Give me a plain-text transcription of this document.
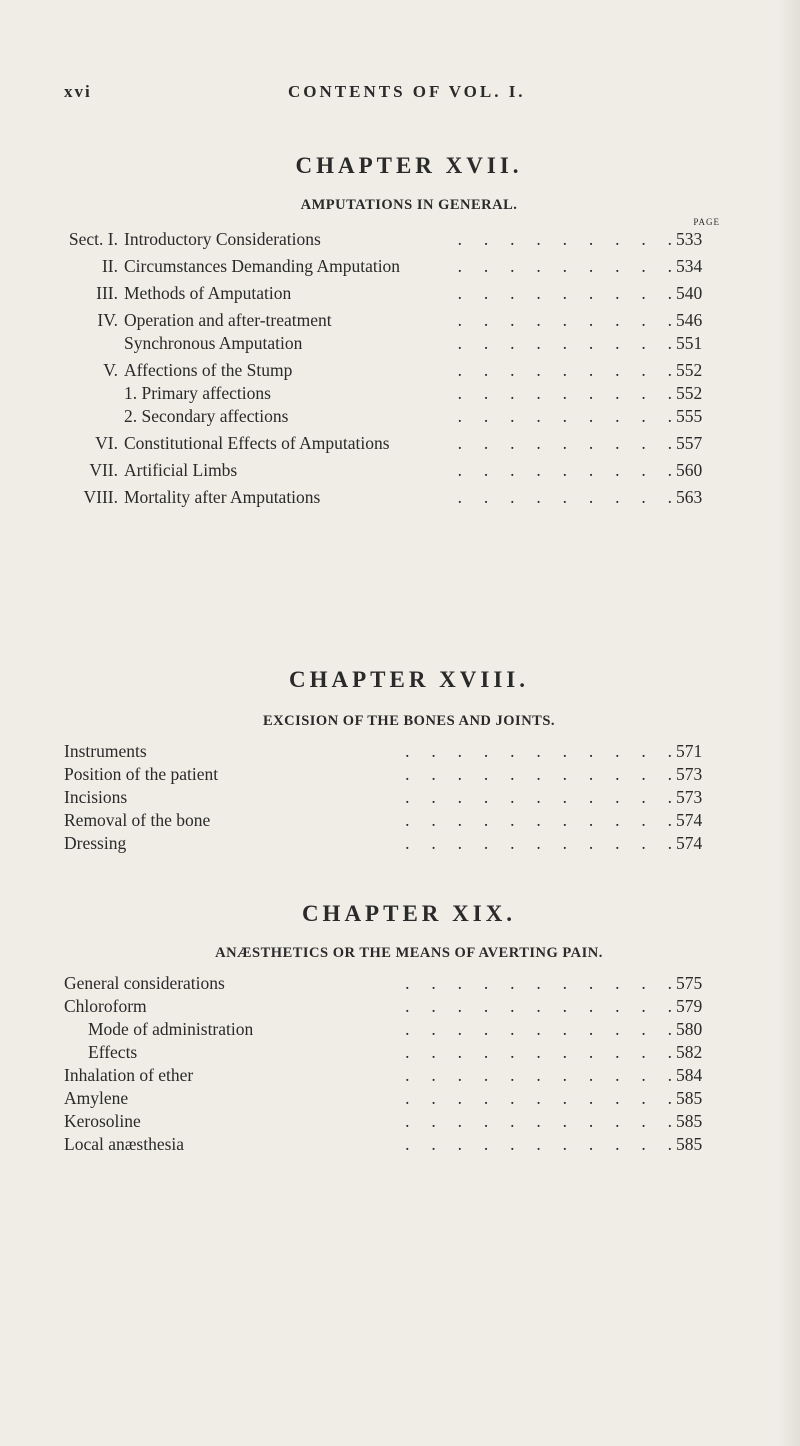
xvi	CONTENTS OF VOL. I.
CHAPTER XVII.
AMPUTATIONS IN GENERAL.
PAGE
Sect. I. Introductory Considerations	.     .     .     .     .     .     .     .     . 533
II. Circumstances Demanding Amputation	.     .     .     .     .     .     .     .     . 534
III. Methods of Amputation	.     .     .     .     .     .     .     .     . 540
IV. Operation and after-treatment	.     .     .     .     .     .     .     .     . 546
Synchronous Amputation	.     .     .     .     .     .     .     .     . 551
V. Affections of the Stump	.     .     .     .     .     .     .     .     . 552
1. Primary affections	.     .     .     .     .     .     .     .     . 552
2. Secondary affections	.     .     .     .     .     .     .     .     . 555
VI. Constitutional Effects of Amputations	.     .     .     .     .     .     .     .     . 557
VII. Artificial Limbs	.     .     .     .     .     .     .     .     . 560
VIII. Mortality after Amputations	.     .     .     .     .     .     .     .     . 563
CHAPTER XVIII.
EXCISION OF THE BONES AND JOINTS.
Instruments	.     .     .     .     .     .     .     .     .     .     . 571
Position of the patient	.     .     .     .     .     .     .     .     .     .     . 573
Incisions	.     .     .     .     .     .     .     .     .     .     . 573
Removal of the bone	.     .     .     .     .     .     .     .     .     .     . 574
Dressing	.     .     .     .     .     .     .     .     .     .     . 574
CHAPTER XIX.
ANÆSTHETICS OR THE MEANS OF AVERTING PAIN.
General considerations	.     .     .     .     .     .     .     .     .     .     . 575
Chloroform	.     .     .     .     .     .     .     .     .     .     . 579
Mode of administration	.     .     .     .     .     .     .     .     .     .     . 580
Effects	.     .     .     .     .     .     .     .     .     .     . 582
Inhalation of ether	.     .     .     .     .     .     .     .     .     .     . 584
Amylene	.     .     .     .     .     .     .     .     .     .     . 585
Kerosoline	.     .     .     .     .     .     .     .     .     .     . 585
Local anæsthesia	.     .     .     .     .     .     .     .     .     .     . 585
